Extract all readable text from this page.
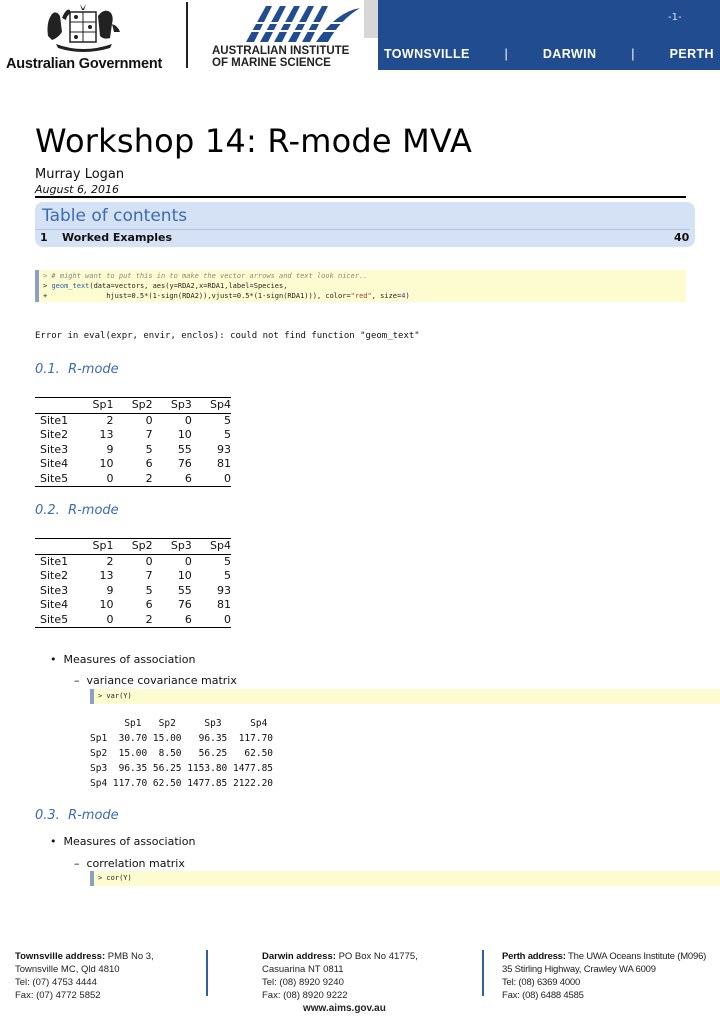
Australian Government
AUSTRALIAN INSTITUTE
OF MARINE SCIENCE
-1-
TOWNSVILLE	|	DARWIN	|	PERTH
Workshop 14: R-mode MVA
Murray Logan
August 6, 2016
Table of contents
1 Worked Examples	40
> # might want to put this in to make the vector arrows and text look nicer..
> geom_text(data=vectors, aes(y=RDA2,x=RDA1,label=Species,
+              hjust=0.5*(1-sign(RDA2)),vjust=0.5*(1-sign(RDA1))), color="red", size=4)
Error in eval(expr, envir, enclos): could not find function "geom_text"
0.1. R-mode
	Sp1	Sp2	Sp3	Sp4
Site1	2	0	0	5
Site2	13	7	10	5
Site3	9	5	55	93
Site4	10	6	76	81
Site5	0	2	6	0
0.2. R-mode
	Sp1	Sp2	Sp3	Sp4
Site1	2	0	0	5
Site2	13	7	10	5
Site3	9	5	55	93
Site4	10	6	76	81
Site5	0	2	6	0
• Measures of association
– variance covariance matrix
> var(Y)
Sp1   Sp2     Sp3     Sp4
Sp1  30.70 15.00   96.35  117.70
Sp2  15.00  8.50   56.25   62.50
Sp3  96.35 56.25 1153.80 1477.85
Sp4 117.70 62.50 1477.85 2122.20
0.3. R-mode
• Measures of association
– correlation matrix
> cor(Y)
Townsville address: PMB No 3,
Townsville MC, Qld 4810
Tel: (07) 4753 4444
Fax: (07) 4772 5852
Darwin address: PO Box No 41775,
Casuarina NT 0811
Tel: (08) 8920 9240
Fax: (08) 8920 9222
Perth address: The UWA Oceans Institute (M096)
35 Stirling Highway, Crawley WA 6009
Tel: (08) 6369 4000
Fax: (08) 6488 4585
www.aims.gov.au
